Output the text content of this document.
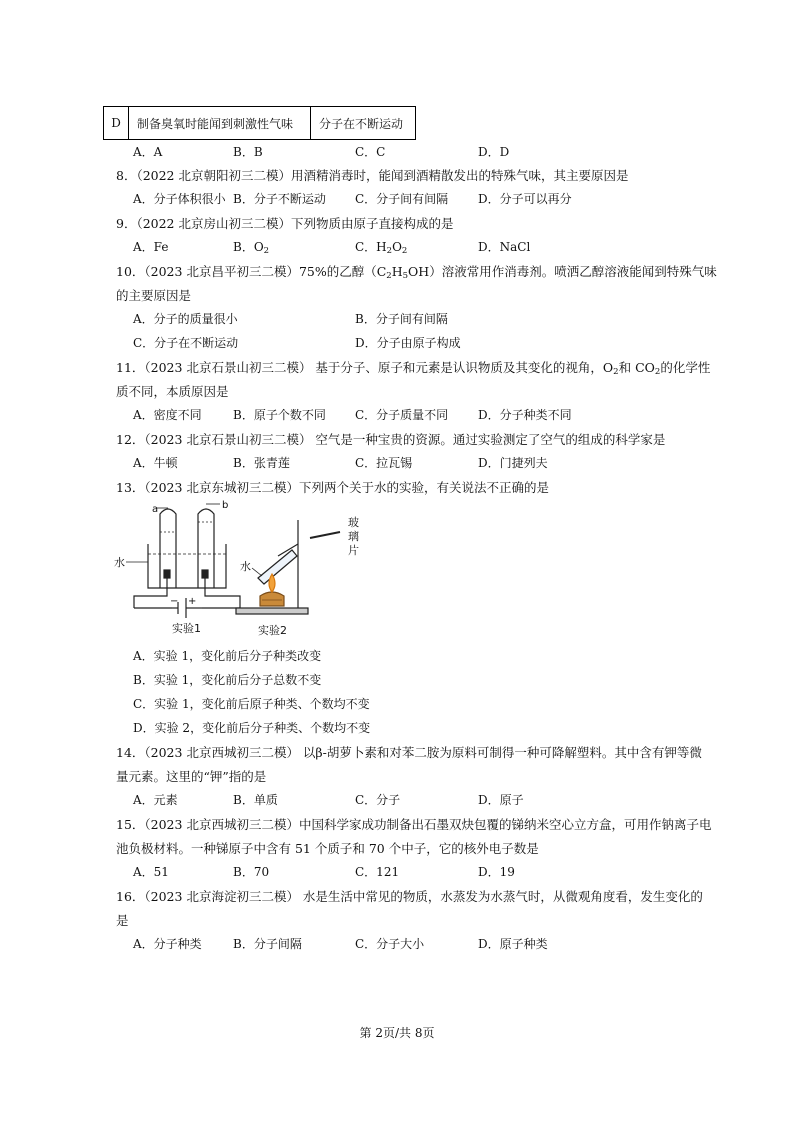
D	制备臭氧时能闻到刺激性气味	分子在不断运动
A．A	B．B	C．C	D．D
8．（2022 北京朝阳初三二模）用酒精消毒时，能闻到酒精散发出的特殊气味，其主要原因是
A．分子体积很小 B．分子不断运动 C．分子间有间隔 D．分子可以再分
9．（2022 北京房山初三二模）下列物质由原子直接构成的是
A．Fe	B．$O_2$	C．$H_2O_2$	D．NaCl
10．（2023 北京昌平初三二模）75%的乙醇$(C_2H_5OH)$溶液常用作消毒剂。喷洒乙醇溶液能闻到特殊气味
的主要原因是
A．分子的质量很小	B．分子间有间隔
C．分子在不断运动	D．分子由原子构成
11．（2023 北京石景山初三二模） 基于分子、原子和元素是认识物质及其变化的视角，$O_2$和 $CO_2$的化学性
质不同，本质原因是
A．密度不同	B．原子个数不同 C．分子质量不同 D．分子种类不同
12．（2023 北京石景山初三二模） 空气是一种宝贵的资源。通过实验测定了空气的组成的科学家是
A．牛顿	B．张青莲	C．拉瓦锡	D．门捷列夫
13．（2023 北京东城初三二模）下列两个关于水的实验，有关说法不正确的是
a	b
水
− +
实验1
水
玻
璃
片
实验2
A．实验 1，变化前后分子种类改变
B．实验 1，变化前后分子总数不变
C．实验 1，变化前后原子种类、个数均不变
D．实验 2，变化前后分子种类、个数均不变
14．（2023 北京西城初三二模） 以β-胡萝卜素和对苯二胺为原料可制得一种可降解塑料。其中含有钾等微
量元素。这里的“钾”指的是
A．元素	B．单质	C．分子	D．原子
15．（2023 北京西城初三二模）中国科学家成功制备出石墨双炔包覆的锑纳米空心立方盒，可用作钠离子电
池负极材料。一种锑原子中含有 51 个质子和 70 个中子，它的核外电子数是
A．51	B．70	C．121	D．19
16．（2023 北京海淀初三二模） 水是生活中常见的物质，水蒸发为水蒸气时，从微观角度看，发生变化的
是
A．分子种类	B．分子间隔	C．分子大小	D．原子种类
第 2页/共 8页
